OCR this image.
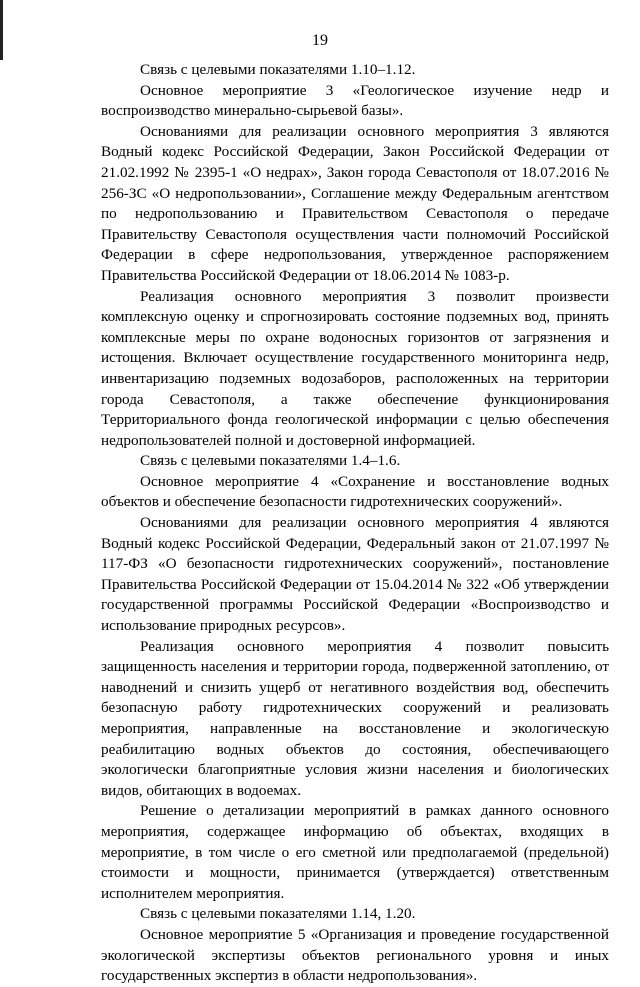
19

Связь с целевыми показателями 1.10–1.12.

Основное мероприятие 3 «Геологическое изучение недр и воспроизводство минерально-сырьевой базы».

Основаниями для реализации основного мероприятия 3 являются Водный кодекс Российской Федерации, Закон Российской Федерации от 21.02.1992 № 2395-1 «О недрах», Закон города Севастополя от 18.07.2016 № 256-ЗС «О недропользовании», Соглашение между Федеральным агентством по недропользованию и Правительством Севастополя о передаче Правительству Севастополя осуществления части полномочий Российской Федерации в сфере недропользования, утвержденное распоряжением Правительства Российской Федерации от 18.06.2014 № 1083-р.

Реализация основного мероприятия 3 позволит произвести комплексную оценку и спрогнозировать состояние подземных вод, принять комплексные меры по охране водоносных горизонтов от загрязнения и истощения. Включает осуществление государственного мониторинга недр, инвентаризацию подземных водозаборов, расположенных на территории города Севастополя, а также обеспечение функционирования Территориального фонда геологической информации с целью обеспечения недропользователей полной и достоверной информацией.

Связь с целевыми показателями 1.4–1.6.

Основное мероприятие 4 «Сохранение и восстановление водных объектов и обеспечение безопасности гидротехнических сооружений».

Основаниями для реализации основного мероприятия 4 являются Водный кодекс Российской Федерации, Федеральный закон от 21.07.1997 № 117-ФЗ «О безопасности гидротехнических сооружений», постановление Правительства Российской Федерации от 15.04.2014 № 322 «Об утверждении государственной программы Российской Федерации «Воспроизводство и использование природных ресурсов».

Реализация основного мероприятия 4 позволит повысить защищенность населения и территории города, подверженной затоплению, от наводнений и снизить ущерб от негативного воздействия вод, обеспечить безопасную работу гидротехнических сооружений и реализовать мероприятия, направленные на восстановление и экологическую реабилитацию водных объектов до состояния, обеспечивающего экологически благоприятные условия жизни населения и биологических видов, обитающих в водоемах.

Решение о детализации мероприятий в рамках данного основного мероприятия, содержащее информацию об объектах, входящих в мероприятие, в том числе о его сметной или предполагаемой (предельной) стоимости и мощности, принимается (утверждается) ответственным исполнителем мероприятия.

Связь с целевыми показателями 1.14, 1.20.

Основное мероприятие 5 «Организация и проведение государственной экологической экспертизы объектов регионального уровня и иных государственных экспертиз в области недропользования».
